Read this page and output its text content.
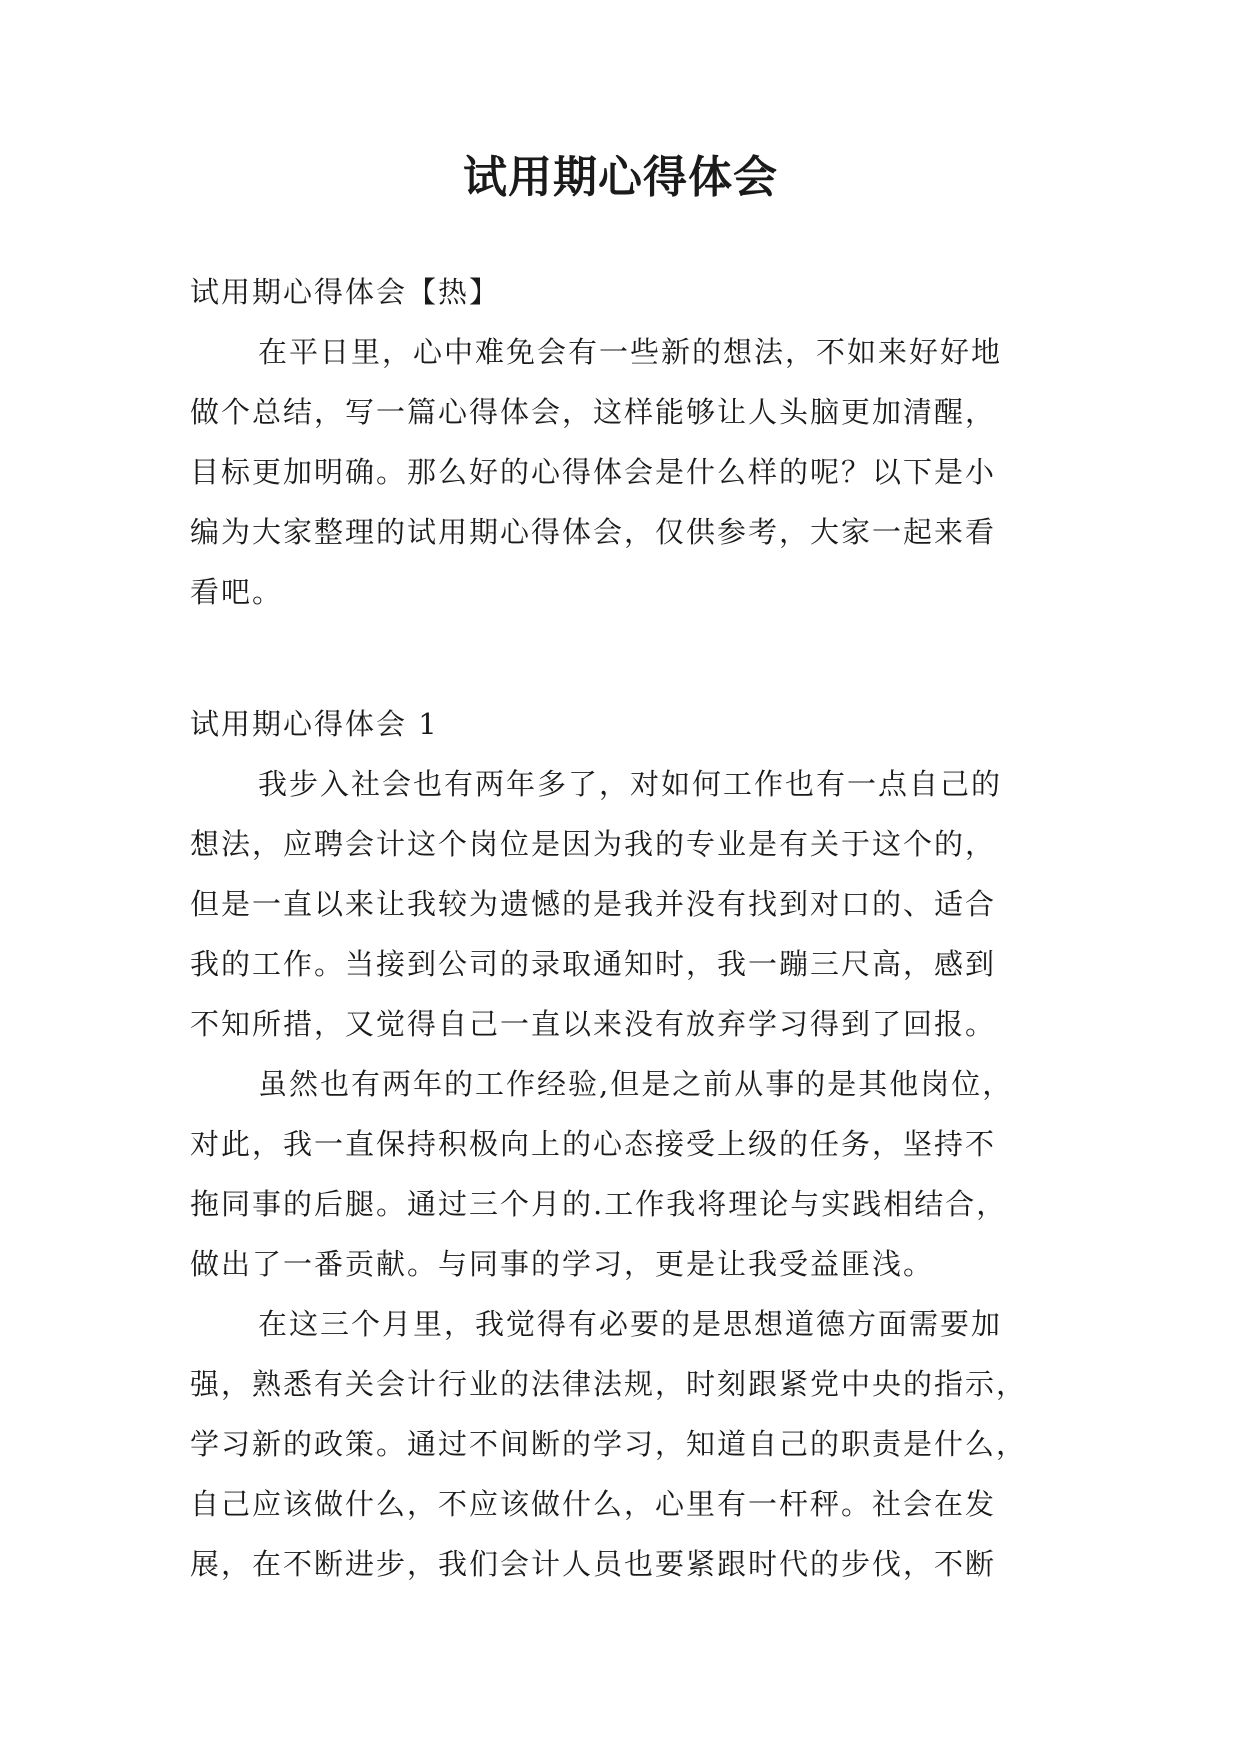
试用期心得体会
试用期心得体会【热】
在平日里，心中难免会有一些新的想法，不如来好好地
做个总结，写一篇心得体会，这样能够让人头脑更加清醒，
目标更加明确。那么好的心得体会是什么样的呢？以下是小
编为大家整理的试用期心得体会，仅供参考，大家一起来看
看吧。
试用期心得体会 1
我步入社会也有两年多了，对如何工作也有一点自己的
想法，应聘会计这个岗位是因为我的专业是有关于这个的，
但是一直以来让我较为遗憾的是我并没有找到对口的、适合
我的工作。当接到公司的录取通知时，我一蹦三尺高，感到
不知所措，又觉得自己一直以来没有放弃学习得到了回报。
虽然也有两年的工作经验,但是之前从事的是其他岗位，
对此，我一直保持积极向上的心态接受上级的任务，坚持不
拖同事的后腿。通过三个月的.工作我将理论与实践相结合，
做出了一番贡献。与同事的学习，更是让我受益匪浅。
在这三个月里，我觉得有必要的是思想道德方面需要加
强，熟悉有关会计行业的法律法规，时刻跟紧党中央的指示，
学习新的政策。通过不间断的学习，知道自己的职责是什么，
自己应该做什么，不应该做什么，心里有一杆秤。社会在发
展，在不断进步，我们会计人员也要紧跟时代的步伐，不断
